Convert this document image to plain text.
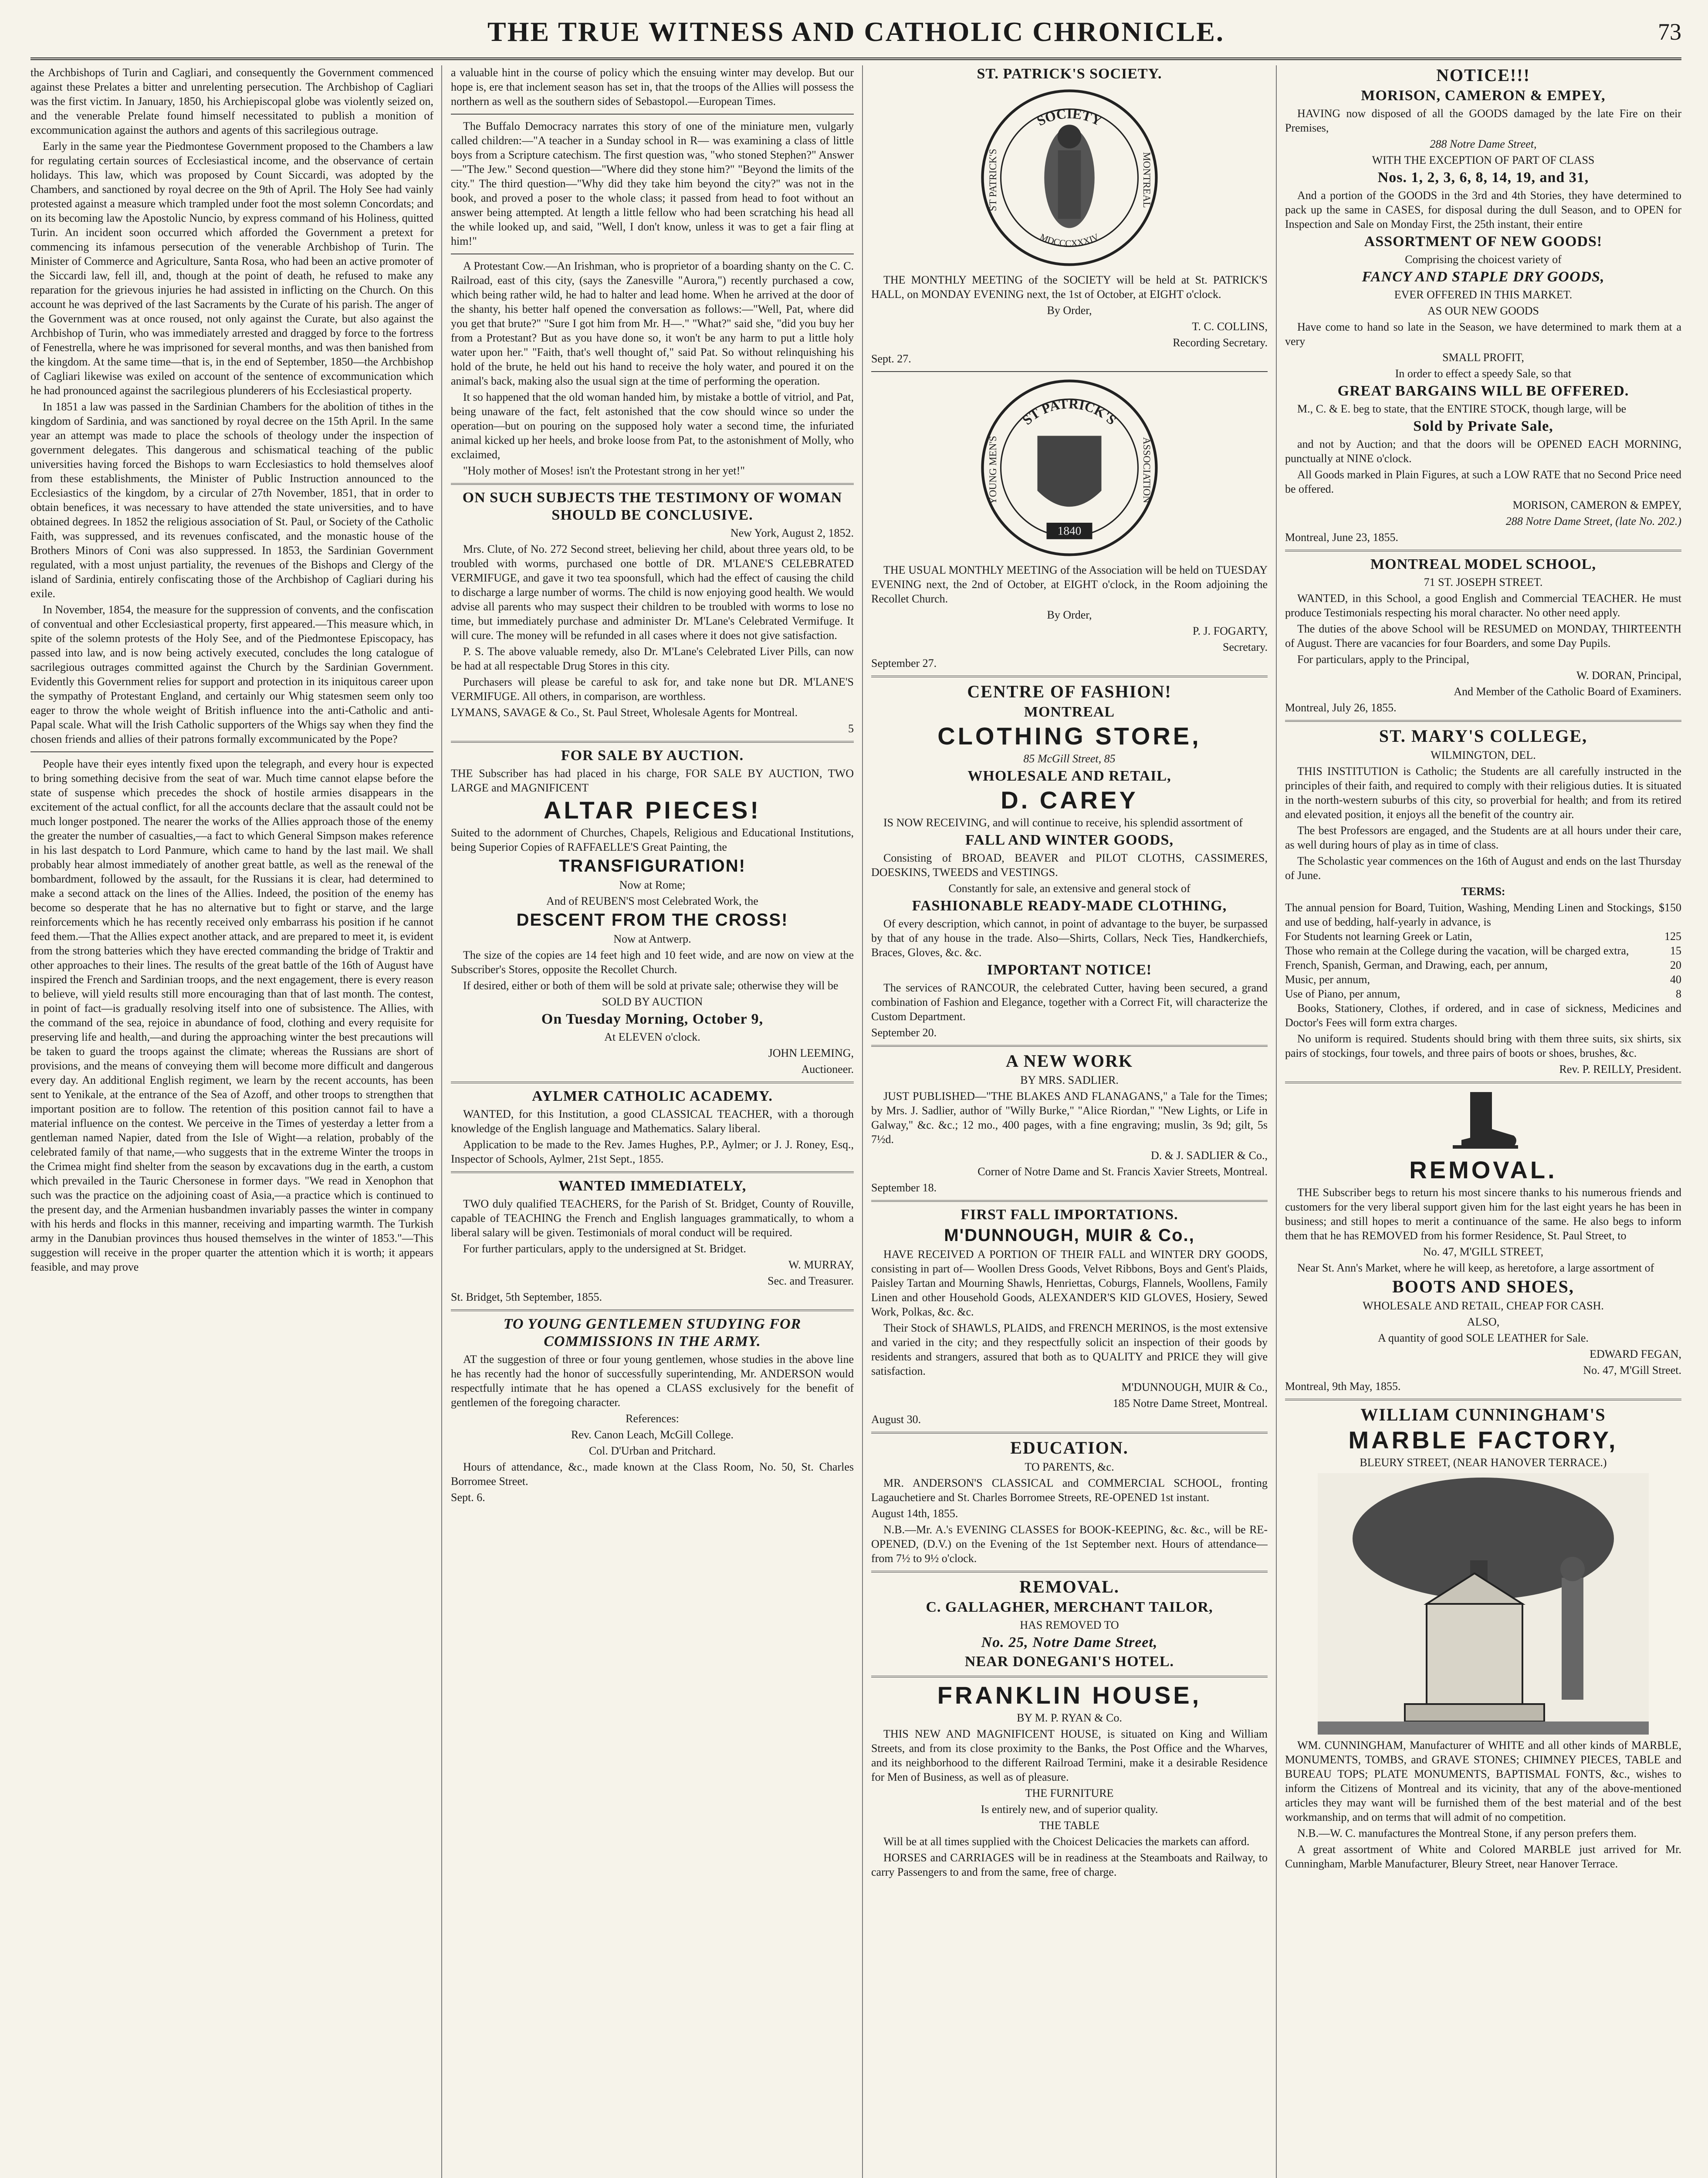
THE TRUE WITNESS AND CATHOLIC CHRONICLE.	73

the Archbishops of Turin and Cagliari, and consequently the Government commenced against these Prelates a bitter and unrelenting persecution. The Archbishop of Cagliari was the first victim. In January, 1850, his Archiepiscopal globe was violently seized on, and the venerable Prelate found himself necessitated to publish a monition of excommunication against the authors and agents of this sacrilegious outrage.

Early in the same year the Piedmontese Government proposed to the Chambers a law for regulating certain sources of Ecclesiastical income, and the observance of certain holidays. This law, which was proposed by Count Siccardi, was adopted by the Chambers, and sanctioned by royal decree on the 9th of April. The Holy See had vainly protested against a measure which trampled under foot the most solemn Concordats; and on its becoming law the Apostolic Nuncio, by express command of his Holiness, quitted Turin. An incident soon occurred which afforded the Government a pretext for commencing its infamous persecution of the venerable Archbishop of Turin. The Minister of Commerce and Agriculture, Santa Rosa, who had been an active promoter of the Siccardi law, fell ill, and, though at the point of death, he refused to make any reparation for the grievous injuries he had assisted in inflicting on the Church. On this account he was deprived of the last Sacraments by the Curate of his parish. The anger of the Government was at once roused, not only against the Curate, but also against the Archbishop of Turin, who was immediately arrested and dragged by force to the fortress of Fenestrella, where he was imprisoned for several months, and was then banished from the kingdom. At the same time—that is, in the end of September, 1850—the Archbishop of Cagliari likewise was exiled on account of the sentence of excommunication which he had pronounced against the sacrilegious plunderers of his Ecclesiastical property.

In 1851 a law was passed in the Sardinian Chambers for the abolition of tithes in the kingdom of Sardinia, and was sanctioned by royal decree on the 15th April. In the same year an attempt was made to place the schools of theology under the inspection of government delegates. This dangerous and schismatical teaching of the public universities having forced the Bishops to warn Ecclesiastics to hold themselves aloof from these establishments, the Minister of Public Instruction announced to the Ecclesiastics of the kingdom, by a circular of 27th November, 1851, that in order to obtain benefices, it was necessary to have attended the state universities, and to have obtained degrees. In 1852 the religious association of St. Paul, or Society of the Catholic Faith, was suppressed, and its revenues confiscated, and the monastic house of the Brothers Minors of Coni was also suppressed. In 1853, the Sardinian Government regulated, with a most unjust partiality, the revenues of the Bishops and Clergy of the island of Sardinia, entirely confiscating those of the Archbishop of Cagliari during his exile.

In November, 1854, the measure for the suppression of convents, and the confiscation of conventual and other Ecclesiastical property, first appeared.—This measure which, in spite of the solemn protests of the Holy See, and of the Piedmontese Episcopacy, has passed into law, and is now being actively executed, concludes the long catalogue of sacrilegious outrages committed against the Church by the Sardinian Government. Evidently this Government relies for support and protection in its iniquitous career upon the sympathy of Protestant England, and certainly our Whig statesmen seem only too eager to throw the whole weight of British influence into the anti-Catholic and anti-Papal scale. What will the Irish Catholic supporters of the Whigs say when they find the chosen friends and allies of their patrons formally excommunicated by the Pope?

People have their eyes intently fixed upon the telegraph, and every hour is expected to bring something decisive from the seat of war. Much time cannot elapse before the state of suspense which precedes the shock of hostile armies disappears in the excitement of the actual conflict, for all the accounts declare that the assault could not be much longer postponed. The nearer the works of the Allies approach those of the enemy the greater the number of casualties,—a fact to which General Simpson makes reference in his last despatch to Lord Panmure, which came to hand by the last mail. We shall probably hear almost immediately of another great battle, as well as the renewal of the bombardment, followed by the assault, for the Russians it is clear, had determined to make a second attack on the lines of the Allies. Indeed, the position of the enemy has become so desperate that he has no alternative but to fight or starve, and the large reinforcements which he has recently received only embarrass his position if he cannot feed them.—That the Allies expect another attack, and are prepared to meet it, is evident from the strong batteries which they have erected commanding the bridge of Traktir and other approaches to their lines. The results of the great battle of the 16th of August have inspired the French and Sardinian troops, and the next engagement, there is every reason to believe, will yield results still more encouraging than that of last month. The contest, in point of fact—is gradually resolving itself into one of subsistence. The Allies, with the command of the sea, rejoice in abundance of food, clothing and every requisite for preserving life and health,—and during the approaching winter the best precautions will be taken to guard the troops against the climate; whereas the Russians are short of provisions, and the means of conveying them will become more difficult and dangerous every day. An additional English regiment, we learn by the recent accounts, has been sent to Yenikale, at the entrance of the Sea of Azoff, and other troops to strengthen that important position are to follow. The retention of this position cannot fail to have a material influence on the contest. We perceive in the Times of yesterday a letter from a gentleman named Napier, dated from the Isle of Wight—a relation, probably of the celebrated family of that name,—who suggests that in the extreme Winter the troops in the Crimea might find shelter from the season by excavations dug in the earth, a custom which prevailed in the Tauric Chersonese in former days. "We read in Xenophon that such was the practice on the adjoining coast of Asia,—a practice which is continued to the present day, and the Armenian husbandmen invariably passes the winter in company with his herds and flocks in this manner, receiving and imparting warmth. The Turkish army in the Danubian provinces thus housed themselves in the winter of 1853."—This suggestion will receive in the proper quarter the attention which it is worth; it appears feasible, and may prove

a valuable hint in the course of policy which the ensuing winter may develop. But our hope is, ere that inclement season has set in, that the troops of the Allies will possess the northern as well as the southern sides of Sebastopol.—European Times.

The Buffalo Democracy narrates this story of one of the miniature men, vulgarly called children:—"A teacher in a Sunday school in R— was examining a class of little boys from a Scripture catechism. The first question was, "who stoned Stephen?" Answer—"The Jew." Second question—"Where did they stone him?" "Beyond the limits of the city." The third question—"Why did they take him beyond the city?" was not in the book, and proved a poser to the whole class; it passed from head to foot without an answer being attempted. At length a little fellow who had been scratching his head all the while looked up, and said, "Well, I don't know, unless it was to get a fair fling at him!"

A Protestant Cow.—An Irishman, who is proprietor of a boarding shanty on the C. C. Railroad, east of this city, (says the Zanesville "Aurora,") recently purchased a cow, which being rather wild, he had to halter and lead home. When he arrived at the door of the shanty, his better half opened the conversation as follows:—"Well, Pat, where did you get that brute?" "Sure I got him from Mr. H—." "What?" said she, "did you buy her from a Protestant? But as you have done so, it won't be any harm to put a little holy water upon her." "Faith, that's well thought of," said Pat. So without relinquishing his hold of the brute, he held out his hand to receive the holy water, and poured it on the animal's back, making also the usual sign at the time of performing the operation.

It so happened that the old woman handed him, by mistake a bottle of vitriol, and Pat, being unaware of the fact, felt astonished that the cow should wince so under the operation—but on pouring on the supposed holy water a second time, the infuriated animal kicked up her heels, and broke loose from Pat, to the astonishment of Molly, who exclaimed,

"Holy mother of Moses! isn't the Protestant strong in her yet!"

ON SUCH SUBJECTS THE TESTIMONY OF WOMAN SHOULD BE CONCLUSIVE.

New York, August 2, 1852.

Mrs. Clute, of No. 272 Second street, believing her child, about three years old, to be troubled with worms, purchased one bottle of DR. M'LANE'S CELEBRATED VERMIFUGE, and gave it two tea spoonsfull, which had the effect of causing the child to discharge a large number of worms. The child is now enjoying good health. We would advise all parents who may suspect their children to be troubled with worms to lose no time, but immediately purchase and administer Dr. M'Lane's Celebrated Vermifuge. It will cure. The money will be refunded in all cases where it does not give satisfaction.

P. S. The above valuable remedy, also Dr. M'Lane's Celebrated Liver Pills, can now be had at all respectable Drug Stores in this city.

Purchasers will please be careful to ask for, and take none but DR. M'LANE'S VERMIFUGE. All others, in comparison, are worthless.

LYMANS, SAVAGE & Co., St. Paul Street, Wholesale Agents for Montreal.

5

FOR SALE BY AUCTION.

THE Subscriber has had placed in his charge, FOR SALE BY AUCTION, TWO LARGE and MAGNIFICENT

ALTAR PIECES!

Suited to the adornment of Churches, Chapels, Religious and Educational Institutions, being Superior Copies of RAFFAELLE'S Great Painting, the

TRANSFIGURATION!

Now at Rome;

And of REUBEN'S most Celebrated Work, the

DESCENT FROM THE CROSS!

Now at Antwerp.

The size of the copies are 14 feet high and 10 feet wide, and are now on view at the Subscriber's Stores, opposite the Recollet Church.

If desired, either or both of them will be sold at private sale; otherwise they will be

SOLD BY AUCTION

On Tuesday Morning, October 9,

At ELEVEN o'clock.

JOHN LEEMING,

Auctioneer.

AYLMER CATHOLIC ACADEMY.

WANTED, for this Institution, a good CLASSICAL TEACHER, with a thorough knowledge of the English language and Mathematics. Salary liberal.

Application to be made to the Rev. James Hughes, P.P., Aylmer; or J. J. Roney, Esq., Inspector of Schools, Aylmer, 21st Sept., 1855.

WANTED IMMEDIATELY,

TWO duly qualified TEACHERS, for the Parish of St. Bridget, County of Rouville, capable of TEACHING the French and English languages grammatically, to whom a liberal salary will be given. Testimonials of moral conduct will be required.

For further particulars, apply to the undersigned at St. Bridget.

W. MURRAY,

Sec. and Treasurer.

St. Bridget, 5th September, 1855.

TO YOUNG GENTLEMEN STUDYING FOR COMMISSIONS IN THE ARMY.

AT the suggestion of three or four young gentlemen, whose studies in the above line he has recently had the honor of successfully superintending, Mr. ANDERSON would respectfully intimate that he has opened a CLASS exclusively for the benefit of gentlemen of the foregoing character.

References:

Rev. Canon Leach, McGill College.

Col. D'Urban and Pritchard.

Hours of attendance, &c., made known at the Class Room, No. 50, St. Charles Borromee Street.

Sept. 6.

ST. PATRICK'S SOCIETY.

SOCIETY
MDCCCXXXIV
ST PATRICK'S	MONTREAL

THE MONTHLY MEETING of the SOCIETY will be held at St. PATRICK'S HALL, on MONDAY EVENING next, the 1st of October, at EIGHT o'clock.

By Order,

T. C. COLLINS,

Recording Secretary.

Sept. 27.

ST PATRICK'S
YOUNG MEN'S	ASSOCIATION
1840

THE USUAL MONTHLY MEETING of the Association will be held on TUESDAY EVENING next, the 2nd of October, at EIGHT o'clock, in the Room adjoining the Recollet Church.

By Order,

P. J. FOGARTY,

Secretary.

September 27.

CENTRE OF FASHION!

MONTREAL

CLOTHING STORE,

85 McGill Street, 85

WHOLESALE AND RETAIL,

D. CAREY

IS NOW RECEIVING, and will continue to receive, his splendid assortment of

FALL AND WINTER GOODS,

Consisting of BROAD, BEAVER and PILOT CLOTHS, CASSIMERES, DOESKINS, TWEEDS and VESTINGS.

Constantly for sale, an extensive and general stock of

FASHIONABLE READY-MADE CLOTHING,

Of every description, which cannot, in point of advantage to the buyer, be surpassed by that of any house in the trade. Also—Shirts, Collars, Neck Ties, Handkerchiefs, Braces, Gloves, &c. &c.

IMPORTANT NOTICE!

The services of RANCOUR, the celebrated Cutter, having been secured, a grand combination of Fashion and Elegance, together with a Correct Fit, will characterize the Custom Department.

September 20.

A NEW WORK

BY MRS. SADLIER.

JUST PUBLISHED—"THE BLAKES AND FLANAGANS," a Tale for the Times; by Mrs. J. Sadlier, author of "Willy Burke," "Alice Riordan," "New Lights, or Life in Galway," &c. &c.; 12 mo., 400 pages, with a fine engraving; muslin, 3s 9d; gilt, 5s 7½d.

D. & J. SADLIER & Co.,

Corner of Notre Dame and St. Francis Xavier Streets, Montreal.

September 18.

FIRST FALL IMPORTATIONS.

M'DUNNOUGH, MUIR & Co.,

HAVE RECEIVED A PORTION OF THEIR FALL and WINTER DRY GOODS, consisting in part of— Woollen Dress Goods, Velvet Ribbons, Boys and Gent's Plaids, Paisley Tartan and Mourning Shawls, Henriettas, Coburgs, Flannels, Woollens, Family Linen and other Household Goods, ALEXANDER'S KID GLOVES, Hosiery, Sewed Work, Polkas, &c. &c.

Their Stock of SHAWLS, PLAIDS, and FRENCH MERINOS, is the most extensive and varied in the city; and they respectfully solicit an inspection of their goods by residents and strangers, assured that both as to QUALITY and PRICE they will give satisfaction.

M'DUNNOUGH, MUIR & Co.,

185 Notre Dame Street, Montreal.

August 30.

EDUCATION.

TO PARENTS, &c.

MR. ANDERSON'S CLASSICAL and COMMERCIAL SCHOOL, fronting Lagauchetiere and St. Charles Borromee Streets, RE-OPENED 1st instant.

August 14th, 1855.

N.B.—Mr. A.'s EVENING CLASSES for BOOK-KEEPING, &c. &c., will be RE-OPENED, (D.V.) on the Evening of the 1st September next. Hours of attendance—from 7½ to 9½ o'clock.

REMOVAL.

C. GALLAGHER, MERCHANT TAILOR,

HAS REMOVED TO

No. 25, Notre Dame Street,

NEAR DONEGANI'S HOTEL.

FRANKLIN HOUSE,

BY M. P. RYAN & Co.

THIS NEW AND MAGNIFICENT HOUSE, is situated on King and William Streets, and from its close proximity to the Banks, the Post Office and the Wharves, and its neighborhood to the different Railroad Termini, make it a desirable Residence for Men of Business, as well as of pleasure.

THE FURNITURE

Is entirely new, and of superior quality.

THE TABLE

Will be at all times supplied with the Choicest Delicacies the markets can afford.

HORSES and CARRIAGES will be in readiness at the Steamboats and Railway, to carry Passengers to and from the same, free of charge.

NOTICE!!!

MORISON, CAMERON & EMPEY,

HAVING now disposed of all the GOODS damaged by the late Fire on their Premises,

288 Notre Dame Street,

WITH THE EXCEPTION OF PART OF CLASS

Nos. 1, 2, 3, 6, 8, 14, 19, and 31,

And a portion of the GOODS in the 3rd and 4th Stories, they have determined to pack up the same in CASES, for disposal during the dull Season, and to OPEN for Inspection and Sale on Monday First, the 25th instant, their entire

ASSORTMENT OF NEW GOODS!

Comprising the choicest variety of

FANCY AND STAPLE DRY GOODS,

EVER OFFERED IN THIS MARKET.

AS OUR NEW GOODS

Have come to hand so late in the Season, we have determined to mark them at a very

SMALL PROFIT,

In order to effect a speedy Sale, so that

GREAT BARGAINS WILL BE OFFERED.

M., C. & E. beg to state, that the ENTIRE STOCK, though large, will be

Sold by Private Sale,

and not by Auction; and that the doors will be OPENED EACH MORNING, punctually at NINE o'clock.

All Goods marked in Plain Figures, at such a LOW RATE that no Second Price need be offered.

MORISON, CAMERON & EMPEY,

288 Notre Dame Street, (late No. 202.)

Montreal, June 23, 1855.

MONTREAL MODEL SCHOOL,

71 ST. JOSEPH STREET.

WANTED, in this School, a good English and Commercial TEACHER. He must produce Testimonials respecting his moral character. No other need apply.

The duties of the above School will be RESUMED on MONDAY, THIRTEENTH of August. There are vacancies for four Boarders, and some Day Pupils.

For particulars, apply to the Principal,

W. DORAN, Principal,

And Member of the Catholic Board of Examiners.

Montreal, July 26, 1855.

ST. MARY'S COLLEGE,

WILMINGTON, DEL.

THIS INSTITUTION is Catholic; the Students are all carefully instructed in the principles of their faith, and required to comply with their religious duties. It is situated in the north-western suburbs of this city, so proverbial for health; and from its retired and elevated position, it enjoys all the benefit of the country air.

The best Professors are engaged, and the Students are at all hours under their care, as well during hours of play as in time of class.

The Scholastic year commences on the 16th of August and ends on the last Thursday of June.

TERMS:

The annual pension for Board, Tuition, Washing, Mending Linen and Stockings, and use of bedding, half-yearly in advance, is
$150
For Students not learning Greek or Latin,	125
Those who remain at the College during the vacation, will be charged extra,	15
French, Spanish, German, and Drawing, each, per annum,	20
Music, per annum,	40
Use of Piano, per annum,	8

Books, Stationery, Clothes, if ordered, and in case of sickness, Medicines and Doctor's Fees will form extra charges.

No uniform is required. Students should bring with them three suits, six shirts, six pairs of stockings, four towels, and three pairs of boots or shoes, brushes, &c.

Rev. P. REILLY, President.

REMOVAL.

THE Subscriber begs to return his most sincere thanks to his numerous friends and customers for the very liberal support given him for the last eight years he has been in business; and still hopes to merit a continuance of the same. He also begs to inform them that he has REMOVED from his former Residence, St. Paul Street, to

No. 47, M'GILL STREET,

Near St. Ann's Market, where he will keep, as heretofore, a large assortment of

BOOTS AND SHOES,

WHOLESALE AND RETAIL, CHEAP FOR CASH.

ALSO,

A quantity of good SOLE LEATHER for Sale.

EDWARD FEGAN,

No. 47, M'Gill Street.

Montreal, 9th May, 1855.

WILLIAM CUNNINGHAM'S

MARBLE FACTORY,

BLEURY STREET, (NEAR HANOVER TERRACE.)

WM. CUNNINGHAM, Manufacturer of WHITE and all other kinds of MARBLE, MONUMENTS, TOMBS, and GRAVE STONES; CHIMNEY PIECES, TABLE and BUREAU TOPS; PLATE MONUMENTS, BAPTISMAL FONTS, &c., wishes to inform the Citizens of Montreal and its vicinity, that any of the above-mentioned articles they may want will be furnished them of the best material and of the best workmanship, and on terms that will admit of no competition.

N.B.—W. C. manufactures the Montreal Stone, if any person prefers them.

A great assortment of White and Colored MARBLE just arrived for Mr. Cunningham, Marble Manufacturer, Bleury Street, near Hanover Terrace.
